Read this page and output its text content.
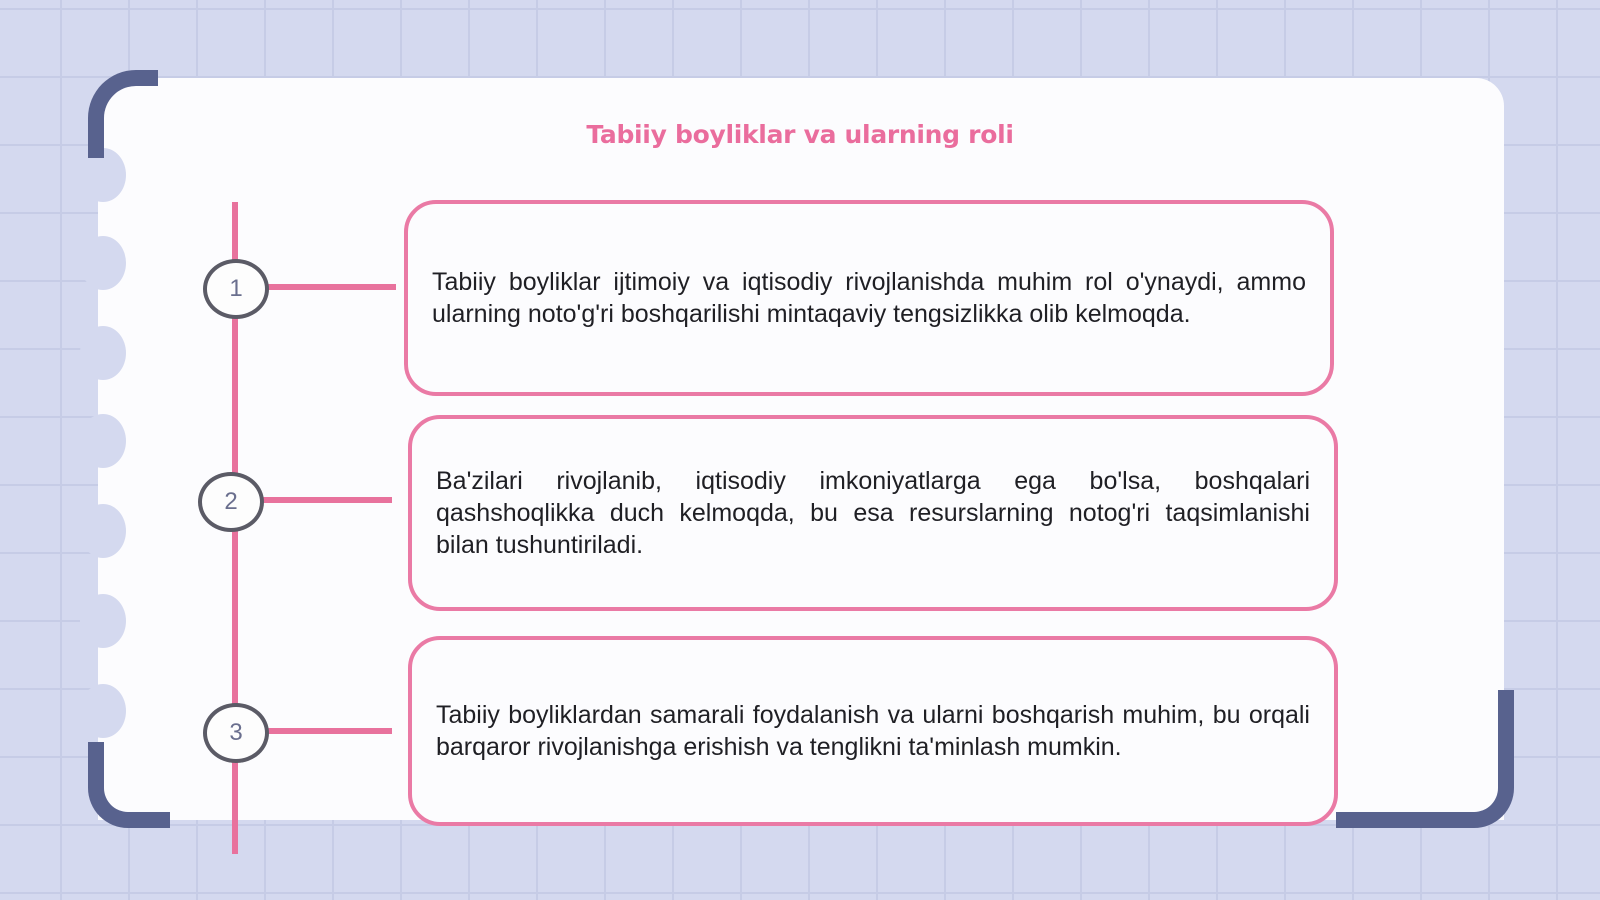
Tabiiy boyliklar va ularning roli
1
2
3

Tabiiy boyliklar ijtimoiy va iqtisodiy rivojlanishda muhim rol o'ynaydi, ammo ularning noto'g'ri boshqarilishi mintaqaviy tengsizlikka olib kelmoqda.

Ba'zilari rivojlanib, iqtisodiy imkoniyatlarga ega bo'lsa, boshqalari qashshoqlikka duch kelmoqda, bu esa resurslarning notog'ri taqsimlanishi bilan tushuntiriladi.

Tabiiy boyliklardan samarali foydalanish va ularni boshqarish muhim, bu orqali barqaror rivojlanishga erishish va tenglikni ta'minlash mumkin.
